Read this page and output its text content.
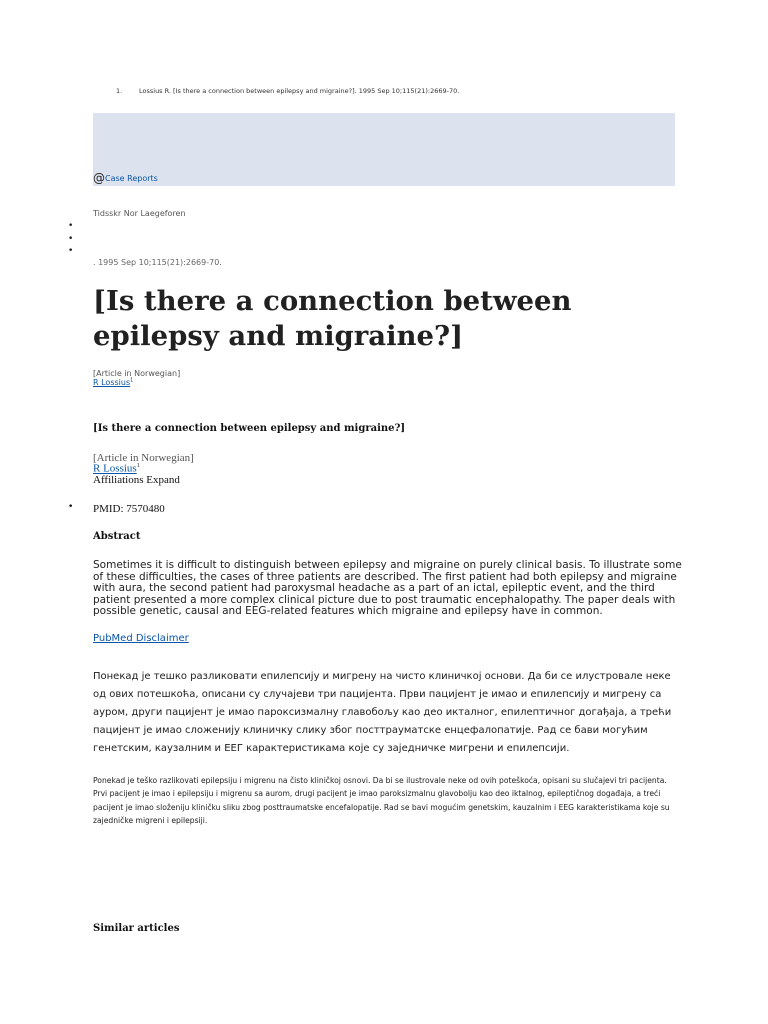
1.	Lossius R. [Is there a connection between epilepsy and migraine?]. 1995 Sep 10;115(21):2669-70.
@Case Reports
Tidsskr Nor Laegeforen
•
•
•
. 1995 Sep 10;115(21):2669-70.
[Is there a connection between epilepsy and migraine?]
[Article in Norwegian]
R Lossius$^1$
[Is there a connection between epilepsy and migraine?]
[Article in Norwegian]
R Lossius$^1$
Affiliations Expand
• PMID: 7570480
Abstract

Sometimes it is difficult to distinguish between epilepsy and migraine on purely clinical basis. To illustrate some of these difficulties, the cases of three patients are described. The first patient had both epilepsy and migraine with aura, the second patient had paroxysmal headache as a part of an ictal, epileptic event, and the third patient presented a more complex clinical picture due to post traumatic encephalopathy. The paper deals with possible genetic, causal and EEG-related features which migraine and epilepsy have in common.

PubMed Disclaimer

Понекад је тешко разликовати епилепсију и мигрену на чисто клиничкој основи. Да би се илустровале неке од ових потешкоћа, описани су случајеви три пацијента. Први пацијент је имао и епилепсију и мигрену са ауром, други пацијент је имао пароксизмалну главобољу као део икталног, епилептичног догађаја, а трећи пацијент је имао сложенију клиничку слику због посттрауматске енцефалопатије. Рад се бави могућим генетским, каузалним и ЕЕГ карактеристикама које су заједничке мигрени и епилепсији.

Ponekad je teško razlikovati epilepsiju i migrenu na čisto kliničkoj osnovi. Da bi se ilustrovale neke od ovih poteškoća, opisani su slučajevi tri pacijenta. Prvi pacijent je imao i epilepsiju i migrenu sa aurom, drugi pacijent je imao paroksizmalnu glavobolju kao deo iktalnog, epileptičnog događaja, a treći pacijent je imao složeniju kliničku sliku zbog posttraumatske encefalopatije. Rad se bavi mogućim genetskim, kauzalnim i EEG karakteristikama koje su zajedničke migreni i epilepsiji.

Similar articles
